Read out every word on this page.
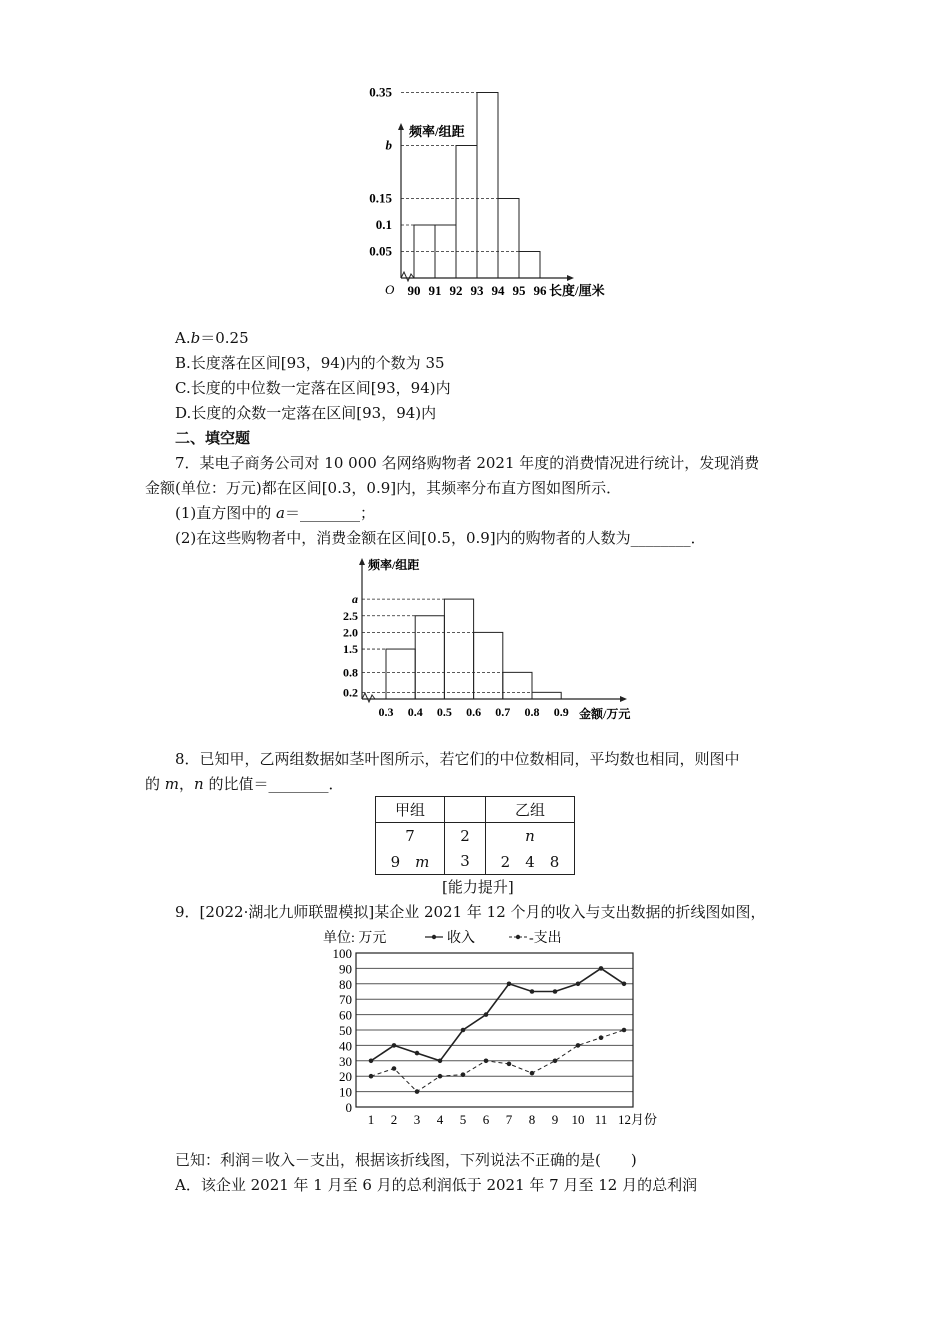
频率/组距
O
0.35
b
0.15
0.1
0.05
90 91 92 93 94 95 96 长度/厘米
A.b＝0.25
B.长度落在区间[93，94)内的个数为 35
C.长度的中位数一定落在区间[93，94)内
D.长度的众数一定落在区间[93，94)内
二、填空题
7．某电子商务公司对 10 000 名网络购物者 2021 年度的消费情况进行统计，发现消费
金额(单位：万元)都在区间[0.3，0.9]内，其频率分布直方图如图所示．
(1)直方图中的 a＝________；
(2)在这些购物者中，消费金额在区间[0.5，0.9]内的购物者的人数为________．
频率/组距
a
2.5
2.0
1.5
0.8
0.2
0.3 0.4 0.5 0.6 0.7 0.8 0.9 金额/万元
8．已知甲，乙两组数据如茎叶图所示，若它们的中位数相同，平均数也相同，则图中
的 m，n 的比值＝________．
甲组		乙组
7	2	n
9　 m	3	2　4　8
[能力提升]
9．[2022·湖北九师联盟模拟]某企业 2021 年 12 个月的收入与支出数据的折线图如图，
单位: 万元	收入	-支出
0
10
20
30
40
50
60
70
80
90
100
1 2 3 4 5 6 7 8 9 10 11 12月份
已知：利润＝收入－支出，根据该折线图，下列说法不正确的是(　　)
A．该企业 2021 年 1 月至 6 月的总利润低于 2021 年 7 月至 12 月的总利润
